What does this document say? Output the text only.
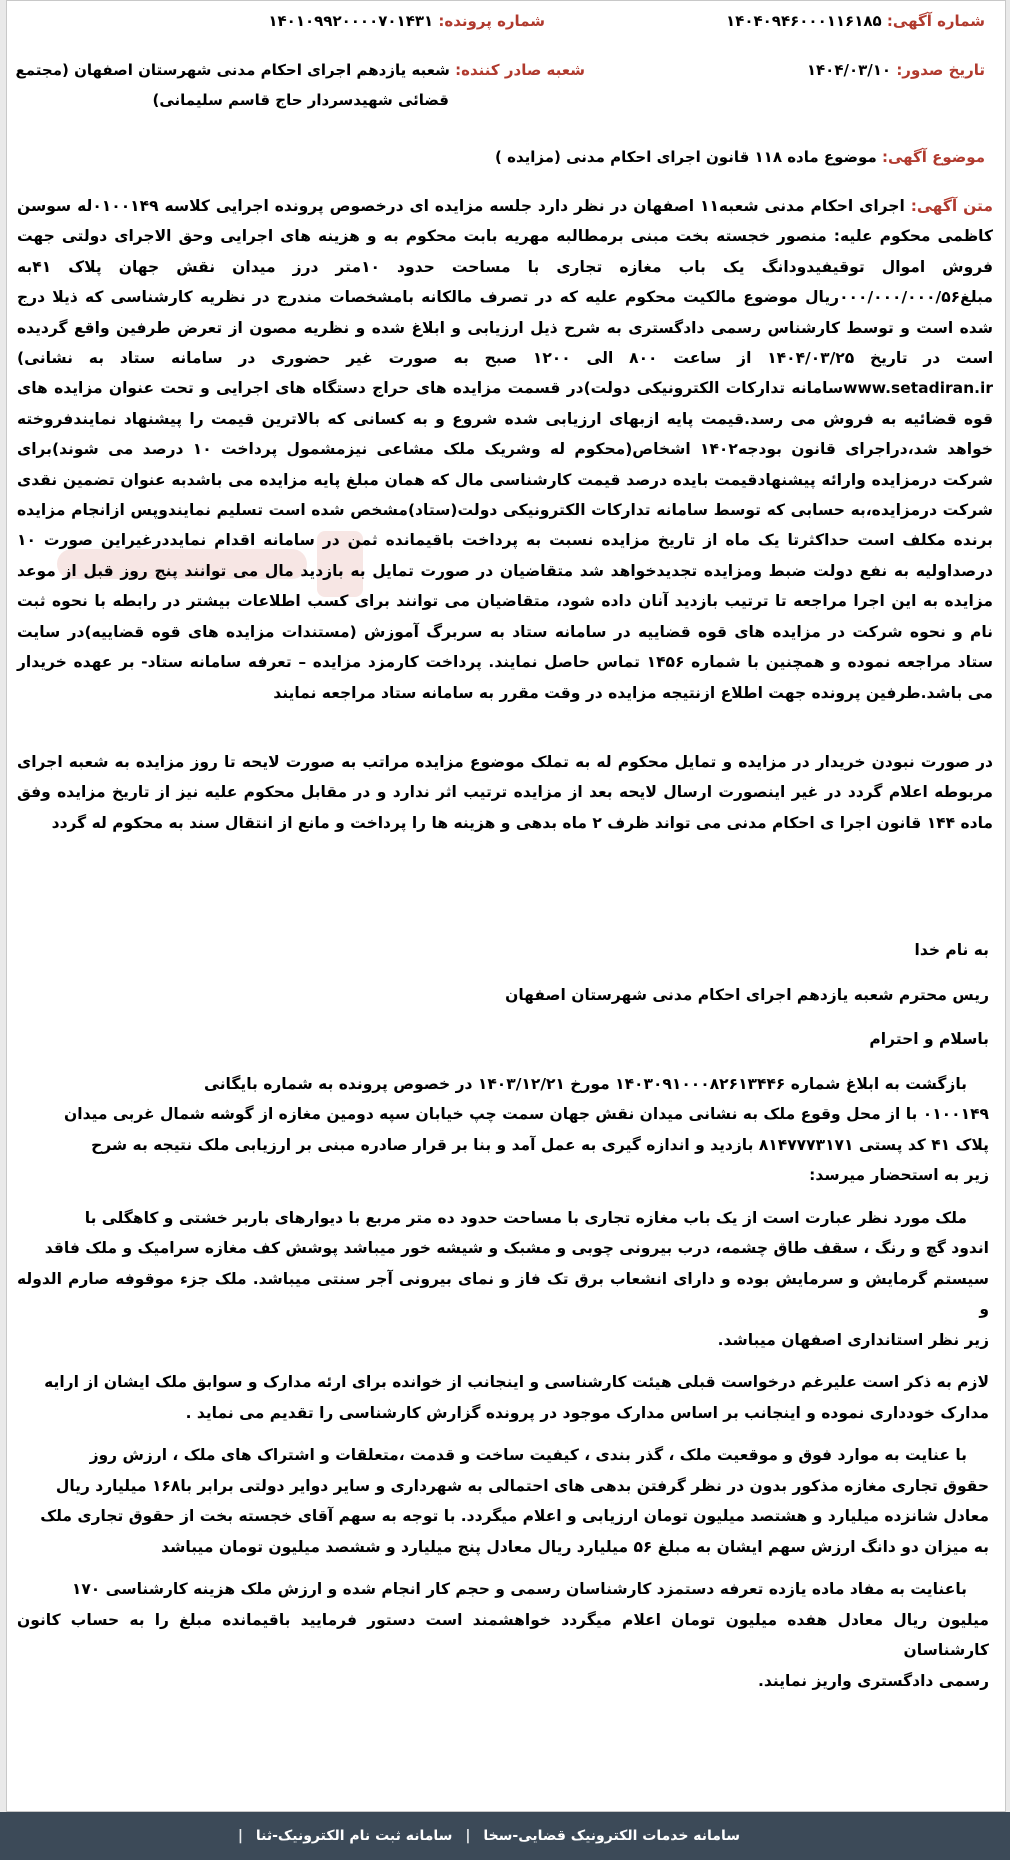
شماره آگهی: ۱۴۰۴۰۹۴۶۰۰۰۱۱۶۱۸۵
شماره پرونده: ۱۴۰۱۰۹۹۲۰۰۰۰۷۰۱۴۳۱
تاریخ صدور: ۱۴۰۴/۰۳/۱۰
شعبه صادر کننده: شعبه یازدهم اجرای احکام مدنی شهرستان اصفهان (مجتمع
قضائی شهیدسردار حاج قاسم سلیمانی)
موضوع آگهی: موضوع ماده ۱۱۸ قانون اجرای احکام مدنی (مزایده )

متن آگهی: اجرای احکام مدنی شعبه۱۱ اصفهان در نظر دارد جلسه مزایده ای درخصوص پرونده اجرایی کلاسه ۰۱۰۰۱۴۹له سوسن کاظمی محکوم علیه: منصور خجسته بخت مبنی برمطالبه مهریه بابت محکوم به و هزینه های اجرایی وحق الاجرای دولتی جهت فروش اموال توقیفیدودانگ یک باب مغازه تجاری با مساحت حدود ۱۰متر درز میدان نقش جهان پلاک ۴۱به مبلغ۰۰۰/۰۰۰/۰۰۰/۵۶ریال موضوع مالکیت محکوم علیه که در تصرف مالکانه بامشخصات مندرج در نظریه کارشناسی که ذیلا درج شده است و توسط کارشناس رسمی دادگستری به شرح ذیل ارزیابی و ابلاغ شده و نظریه مصون از تعرض طرفین واقع گردیده است در تاریخ ۱۴۰۴/۰۳/۲۵ از ساعت ۸۰۰ الی ۱۲۰۰ صبح به صورت غیر حضوری در سامانه ستاد به نشانی) www.setadiran.irسامانه تدارکات الکترونیکی دولت)در قسمت مزایده های حراج دستگاه های اجرایی و تحت عنوان مزایده های قوه قضائیه به فروش می رسد.قیمت پایه ازبهای ارزیابی شده شروع و به کسانی که بالاترین قیمت را پیشنهاد نمایندفروخته خواهد شد،دراجرای قانون بودجه۱۴۰۲ اشخاص(محکوم له وشریک ملک مشاعی نیزمشمول پرداخت ۱۰ درصد می شوند)برای شرکت درمزایده وارائه پیشنهادقیمت بایده درصد قیمت کارشناسی مال که همان مبلغ پایه مزایده می باشدبه عنوان تضمین نقدی شرکت درمزایده،به حسابی که توسط سامانه تدارکات الکترونیکی دولت(ستاد)مشخص شده است تسلیم نمایندوپس ازانجام مزایده برنده مکلف است حداکثرتا یک ماه از تاریخ مزایده نسبت به پرداخت باقیمانده ثمن در سامانه اقدام نمایددرغیراین صورت ۱۰ درصداولیه به نفع دولت ضبط ومزایده تجدیدخواهد شد متقاضیان در صورت تمایل به بازدید مال می توانند پنج روز قبل از موعد مزایده به این اجرا مراجعه تا ترتیب بازدید آنان داده شود، متقاضیان می توانند برای کسب اطلاعات بیشتر در رابطه با نحوه ثبت نام و نحوه شرکت در مزایده های قوه قضاییه در سامانه ستاد به سربرگ آموزش (مستندات مزایده های قوه قضاییه)در سایت ستاد مراجعه نموده و همچنین با شماره ۱۴۵۶ تماس حاصل نمایند. پرداخت کارمزد مزایده – تعرفه سامانه ستاد- بر عهده خریدار می باشد.طرفین پرونده جهت اطلاع ازنتیجه مزایده در وقت مقرر به سامانه ستاد مراجعه نمایند

در صورت نبودن خریدار در مزایده و تمایل محکوم له به تملک موضوع مزایده مراتب به صورت لایحه تا روز مزایده به شعبه اجرای مربوطه اعلام گردد در غیر اینصورت ارسال لایحه بعد از مزایده ترتیب اثر ندارد و در مقابل محکوم علیه نیز از تاریخ مزایده وفق ماده ۱۴۴ قانون اجرا ی احکام مدنی می تواند ظرف ۲ ماه بدهی و هزینه ها را پرداخت و مانع از انتقال سند به محکوم له گردد

به نام خدا

ریس محترم شعبه یازدهم اجرای احکام مدنی شهرستان اصفهان

باسلام و احترام

بازگشت به ابلاغ شماره ۱۴۰۳۰۹۱۰۰۰۸۲۶۱۳۴۴۶ مورخ ۱۴۰۳/۱۲/۲۱ در خصوص پرونده به شماره بایگانی

۰۱۰۰۱۴۹ با از محل وقوع ملک به نشانی میدان نقش جهان سمت چپ خیابان سپه دومین مغازه از گوشه شمال غربی میدان

پلاک ۴۱ کد پستی ۸۱۴۷۷۷۳۱۷۱ بازدید و اندازه گیری به عمل آمد و بنا بر قرار صادره مبنی بر ارزیابی ملک نتیجه به شرح

زیر به استحضار میرسد:

ملک مورد نظر عبارت است از یک باب مغازه تجاری با مساحت حدود ده متر مربع با دیوارهای باربر خشتی و کاهگلی با

اندود گچ و رنگ ، سقف طاق چشمه، درب بیرونی چوبی و مشبک و شیشه خور میباشد پوشش کف مغازه سرامیک و ملک فاقد

سیستم گرمایش و سرمایش بوده و دارای انشعاب برق تک فاز و نمای بیرونی آجر سنتی میباشد. ملک جزء موقوفه صارم الدوله و

زیر نظر استانداری اصفهان میباشد.

لازم به ذکر است علیرغم درخواست قبلی هیئت کارشناسی و اینجانب از خوانده برای ارئه مدارک و سوابق ملک ایشان از ارایه

مدارک خودداری نموده و اینجانب بر اساس مدارک موجود در پرونده گزارش کارشناسی را تقدیم می نماید .

با عنایت به موارد فوق و موقعیت ملک ، گذر بندی ، کیفیت ساخت و قدمت ،متعلقات و اشتراک های ملک ، ارزش روز

حقوق تجاری مغازه مذکور بدون در نظر گرفتن بدهی های احتمالی به شهرداری و سایر دوایر دولتی برابر با۱۶۸ میلیارد ریال

معادل شانزده میلیارد و هشتصد میلیون تومان ارزیابی و اعلام میگردد. با توجه به سهم آقای خجسته بخت از حقوق تجاری ملک

به میزان دو دانگ ارزش سهم ایشان به مبلغ ۵۶ میلیارد ریال معادل پنج میلیارد و ششصد میلیون تومان میباشد

باعنایت به مفاد ماده یازده تعرفه دستمزد کارشناسان رسمی و حجم کار انجام شده و ارزش ملک هزینه کارشناسی ۱۷۰

میلیون ریال معادل هفده میلیون تومان اعلام میگردد خواهشمند است دستور فرمایید باقیمانده مبلغ را به حساب کانون کارشناسان

رسمی دادگستری واریز نمایند.

سامانه خدمات الکترونیک قضایی-سخا | سامانه ثبت نام الکترونیک-ثنا |
